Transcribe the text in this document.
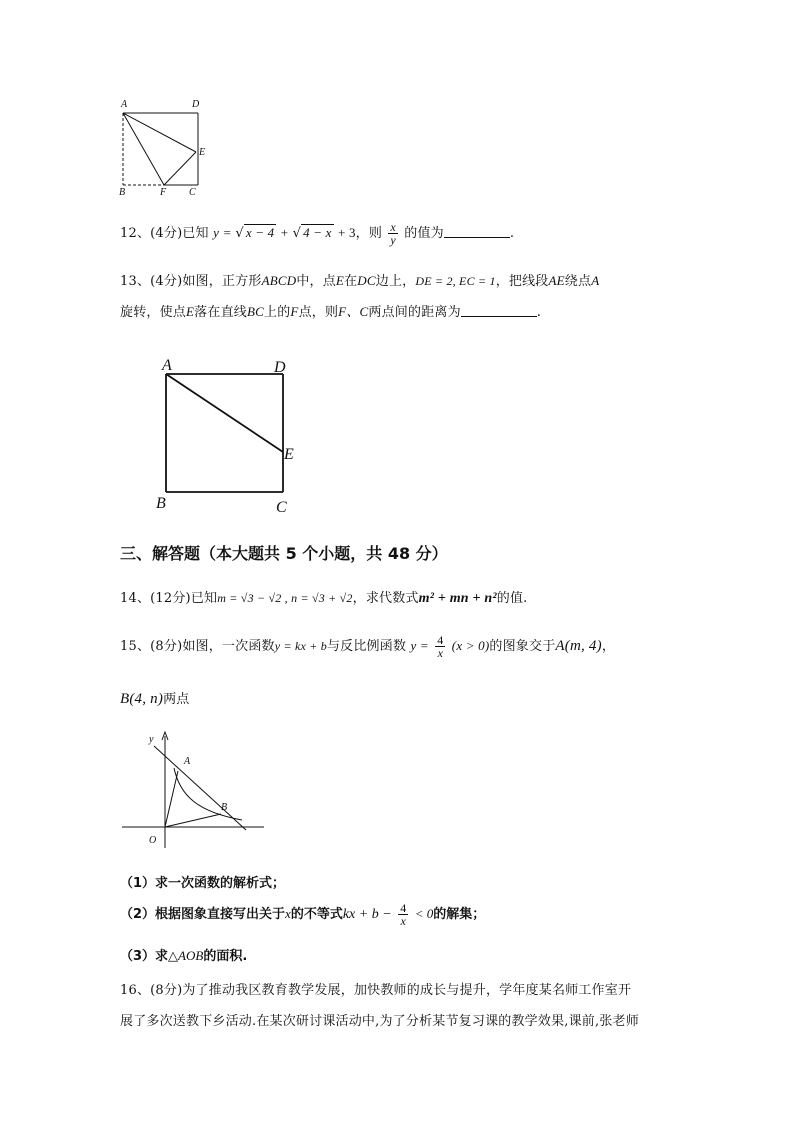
A	D
E
B	F C
12、(4分)已知 y = √ x − 4 + √ 4 − x + 3，则 $\frac{x}{y}$ 的值为	.
13、(4分)如图，正方形ABCD中，点E在DC边上，DE = 2, EC = 1，把线段AE绕点A
旋转，使点E落在直线BC上的F点，则F、C两点间的距离为	.
A	D
E
B	C
三、解答题（本大题共 5 个小题，共 48 分）
14、(12分)已知m = √3 − √2 , n = √3 + √2，求代数式m² + mn + n²的值.
15、(8分)如图，一次函数y = kx + b与反比例函数 $y = \frac{4}{x} (x > 0)$的图象交于A(m, 4)，
B(4, n)两点
y
A
B
O
（1）求一次函数的解析式；
（2）根据图象直接写出关于x的不等式kx + $b - \frac{4}{x} < 0$的解集；
（3）求△AOB的面积.
16、(8分)为了推动我区教育教学发展，加快教师的成长与提升，学年度某名师工作室开
展了多次送教下乡活动.在某次研讨课活动中,为了分析某节复习课的教学效果,课前,张老师
